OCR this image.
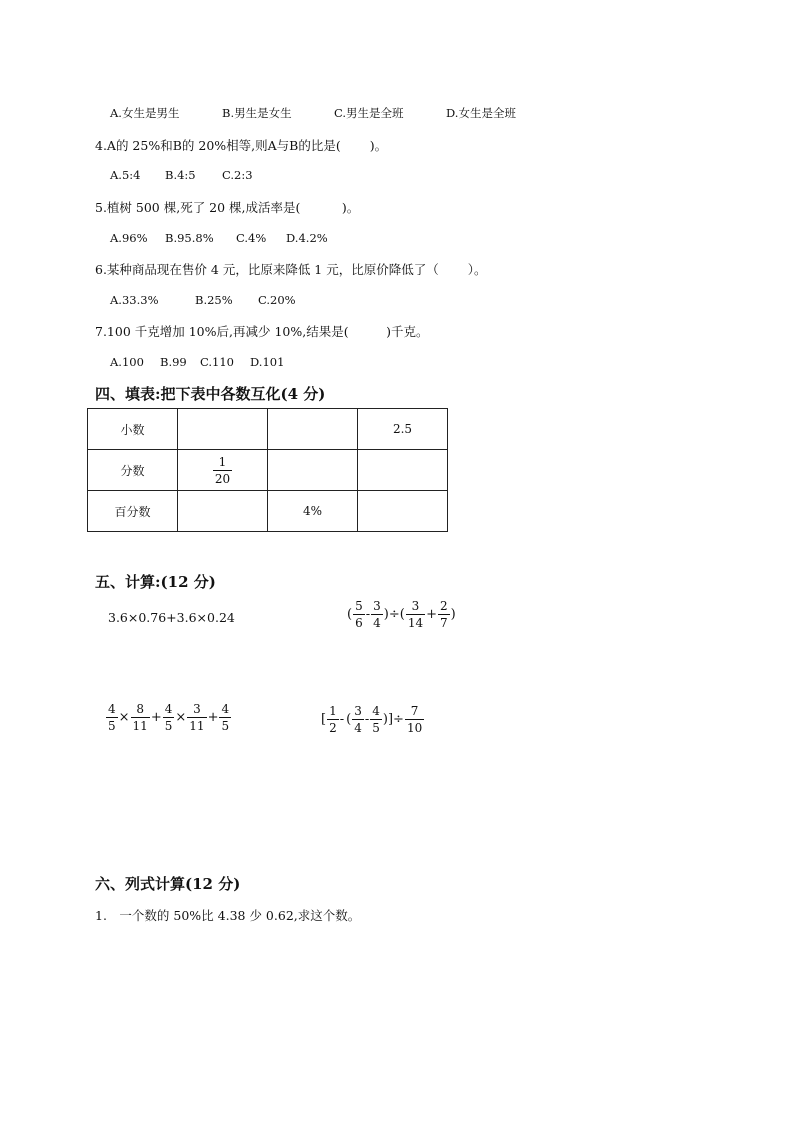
A.女生是男生	B.男生是女生	C.男生是全班	D.女生是全班
4.A的 25%和B的 20%相等,则A与B的比是(　　 )。
A.5:4 B.4:5 C.2:3
5.植树 500 棵,死了 20 棵,成活率是(　　　 )。
A.96% B.95.8% C.4% D.4.2%
6.某种商品现在售价 4 元，比原来降低 1 元，比原价降低了（　　 ）。
A.33.3%	B.25% C.20%
7.100 千克增加 10%后,再减少 10%,结果是(　　　)千克。
A.100 B.99 C.110 D.101
四、填表:把下表中各数互化(4 分)
小数			2.5
分数	$\frac{1}{20}$

百分数		4%	
五、计算:(12 分)
3.6×0.76+3.6×0.24	( $\frac{5}{6} - \frac{3}{4}$ )÷( $\frac{3}{14} + \frac{2}{7}$ )
$\frac{4}{5} \times \frac{8}{11} + \frac{4}{5} \times \frac{3}{11} + \frac{4}{5}$	[ $\frac{1}{2}$ - ( $\frac{3}{4} - \frac{4}{5}$ )]÷ $\frac{7}{10}$
六、列式计算(12 分)
1.　一个数的 50%比 4.38 少 0.62,求这个数。
